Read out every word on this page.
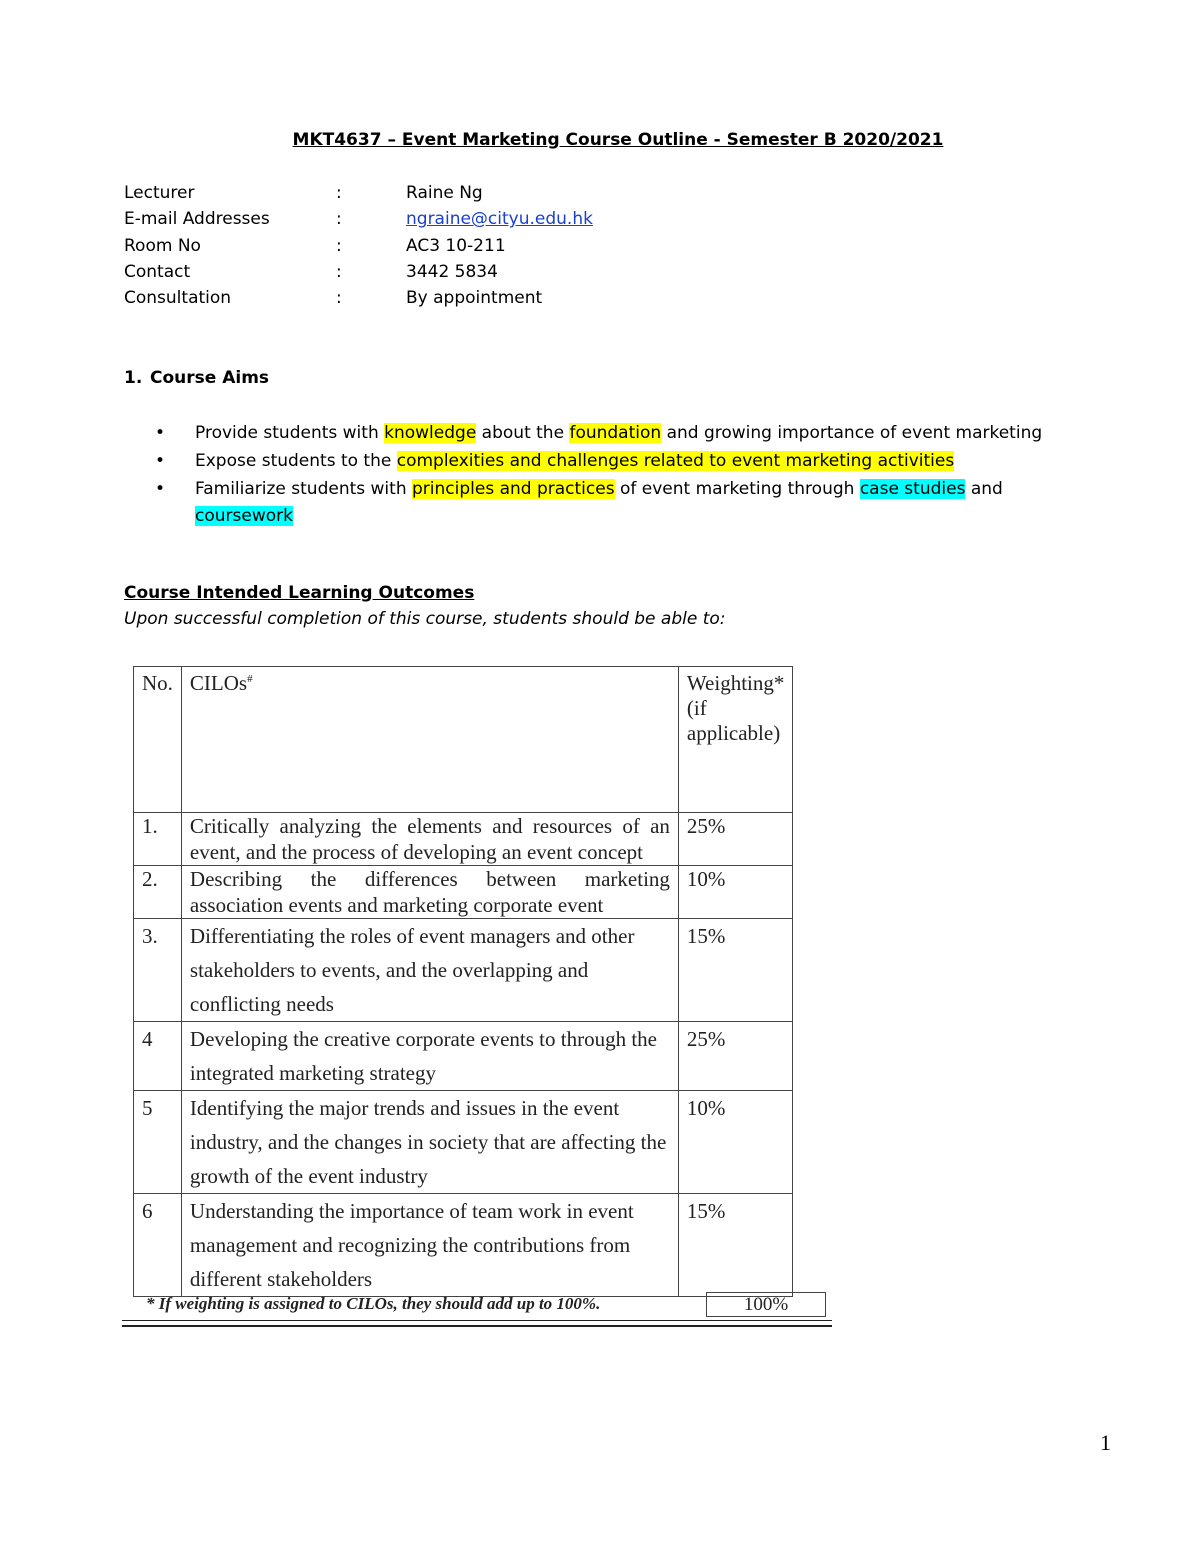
MKT4637 – Event Marketing Course Outline - Semester B 2020/2021
Lecturer	:	Raine Ng
E-mail Addresses	:	ngraine@cityu.edu.hk
Room No	:	AC3 10-211
Contact	:	3442 5834
Consultation	:	By appointment
1. Course Aims
• Provide students with knowledge about the foundation and growing importance of event marketing
• Expose students to the complexities and challenges related to event marketing activities
• Familiarize students with principles and practices of event marketing through case studies and coursework
Course Intended Learning Outcomes
Upon successful completion of this course, students should be able to:
No.	CILOs#	Weighting* (if applicable)
1.	Critically analyzing the elements and resources of an event, and the process of developing an event concept	25%
2.	Describing the differences between marketing association events and marketing corporate event	10%
3.	Differentiating the roles of event managers and other stakeholders to events, and the overlapping and conflicting needs	15%
4	Developing the creative corporate events to through the integrated marketing strategy	25%
5	Identifying the major trends and issues in the event industry, and the changes in society that are affecting the growth of the event industry	10%
6	Understanding the importance of team work in event management and recognizing the contributions from different stakeholders	15%
* If weighting is assigned to CILOs, they should add up to 100%.	100%
1
